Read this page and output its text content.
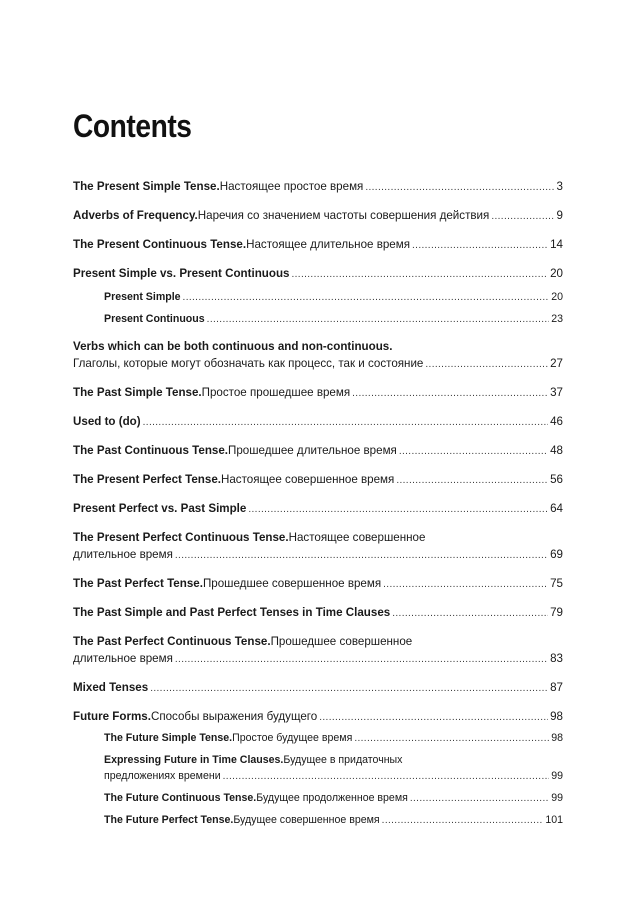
Contents
The Present Simple Tense. Настоящее простое время . . .	3
Adverbs of Frequency. Наречия со значением частоты совершения действия . . .	9
The Present Continuous Tense. Настоящее длительное время . . .	14
Present Simple vs. Present Continuous . . .	20
Present Simple . . .	20
Present Continuous . . .	23
Verbs which can be both continuous and non-continuous.
Глаголы, которые могут обозначать как процесс, так и состояние . . .	27
The Past Simple Tense. Простое прошедшее время . . .	37
Used to (do) . . .	46
The Past Continuous Tense. Прошедшее длительное время . . .	48
The Present Perfect Tense. Настоящее совершенное время . . .	56
Present Perfect vs. Past Simple . . .	64
The Present Perfect Continuous Tense. Настоящее совершенное
длительное время . . .	69
The Past Perfect Tense. Прошедшее совершенное время . . .	75
The Past Simple and Past Perfect Tenses in Time Clauses . . .	79
The Past Perfect Continuous Tense. Прошедшее совершенное
длительное время . . .	83
Mixed Tenses . . .	87
Future Forms. Способы выражения будущего . . .	98
The Future Simple Tense. Простое будущее время . . .	98
Expressing Future in Time Clauses. Будущее в придаточных
предложениях времени . . .	99
The Future Continuous Tense. Будущее продолженное время . . .	99
The Future Perfect Tense. Будущее совершенное время . . .	101
